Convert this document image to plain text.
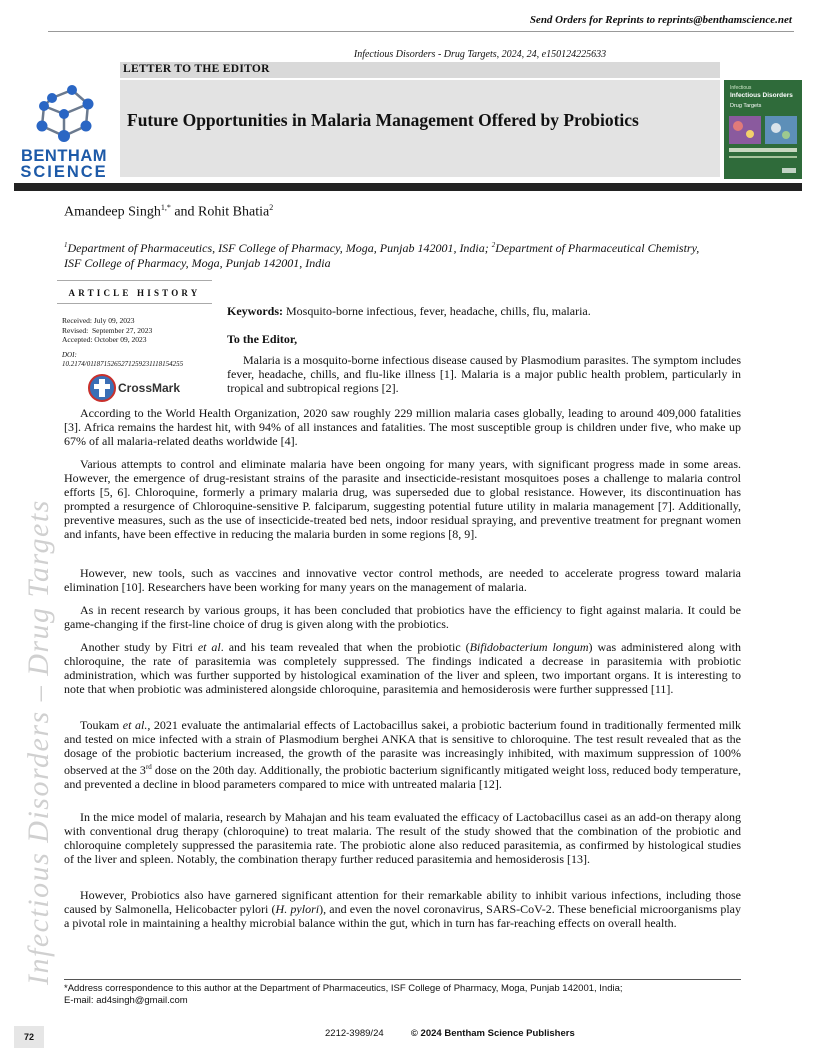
Send Orders for Reprints to reprints@benthamscience.net
Infectious Disorders - Drug Targets, 2024, 24, e150124225633
LETTER TO THE EDITOR
Future Opportunities in Malaria Management Offered by Probiotics
BENTHAM
SCIENCE
Infectious
Infectious Disorders
Drug Targets
Amandeep Singh$^{1,*}$ and Rohit Bhatia$^2$
$^1$Department of Pharmaceutics, ISF College of Pharmacy, Moga, Punjab 142001, India; $^2$Department of Pharmaceutical Chemistry, ISF College of Pharmacy, Moga, Punjab 142001, India
ARTICLE HISTORY
Received: July 09, 2023
Revised:  September 27, 2023
Accepted: October 09, 2023
DOI:
10.2174/0118715265271259231118154255
CrossMark
Infectious Disorders – Drug Targets
Keywords: Mosquito-borne infectious, fever, headache, chills, flu, malaria.
To the Editor,

Malaria is a mosquito-borne infectious disease caused by Plasmodium parasites. The symptom includes fever, headache, chills, and flu-like illness [1]. Malaria is a major public health problem, particularly in tropical and subtropical regions [2].

According to the World Health Organization, 2020 saw roughly 229 million malaria cases globally, leading to around 409,000 fatalities [3]. Africa remains the hardest hit, with 94% of all instances and fatalities. The most susceptible group is children under five, who make up 67% of all malaria-related deaths worldwide [4].

Various attempts to control and eliminate malaria have been ongoing for many years, with significant progress made in some areas. However, the emergence of drug-resistant strains of the parasite and insecticide-resistant mosquitoes poses a challenge to malaria control efforts [5, 6]. Chloroquine, formerly a primary malaria drug, was superseded due to global resistance. However, its discontinuation has prompted a resurgence of Chloroquine-sensitive P. falciparum, suggesting potential future utility in malaria management [7]. Additionally, preventive measures, such as the use of insecticide-treated bed nets, indoor residual spraying, and preventive treatment for pregnant women and infants, have been effective in reducing the malaria burden in some regions [8, 9].

However, new tools, such as vaccines and innovative vector control methods, are needed to accelerate progress toward malaria elimination [10]. Researchers have been working for many years on the management of malaria.

As in recent research by various groups, it has been concluded that probiotics have the efficiency to fight against malaria. It could be game-changing if the first-line choice of drug is given along with the probiotics.

Another study by Fitri et al. and his team revealed that when the probiotic (Bifidobacterium longum) was administered along with chloroquine, the rate of parasitemia was completely suppressed. The findings indicated a decrease in parasitemia with probiotic administration, which was further supported by histological examination of the liver and spleen, two important organs. It is interesting to note that when probiotic was administered alongside chloroquine, parasitemia and hemosiderosis were further suppressed [11].

Toukam et al., 2021 evaluate the antimalarial effects of Lactobacillus sakei, a probiotic bacterium found in traditionally fermented milk and tested on mice infected with a strain of Plasmodium berghei ANKA that is sensitive to chloroquine. The test result revealed that as the dosage of the probiotic bacterium increased, the growth of the parasite was increasingly inhibited, with maximum suppression of 100% observed at the 3rd dose on the 20th day. Additionally, the probiotic bacterium significantly mitigated weight loss, reduced body temperature, and prevented a decline in blood parameters compared to mice with untreated malaria [12].

In the mice model of malaria, research by Mahajan and his team evaluated the efficacy of Lactobacillus casei as an add-on therapy along with conventional drug therapy (chloroquine) to treat malaria. The result of the study showed that the combination of the probiotic and chloroquine completely suppressed the parasitemia rate. The probiotic alone also reduced parasitemia, as confirmed by histological studies of the liver and spleen. Notably, the combination therapy further reduced parasitemia and hemosiderosis [13].

However, Probiotics also have garnered significant attention for their remarkable ability to inhibit various infections, including those caused by Salmonella, Helicobacter pylori (H. pylori), and even the novel coronavirus, SARS-CoV-2. These beneficial microorganisms play a pivotal role in maintaining a healthy microbial balance within the gut, which in turn has far-reaching effects on overall health.

*Address correspondence to this author at the Department of Pharmaceutics, ISF College of Pharmacy, Moga, Punjab 142001, India;
E-mail: ad4singh@gmail.com
72	2212-3989/24	© 2024 Bentham Science Publishers
